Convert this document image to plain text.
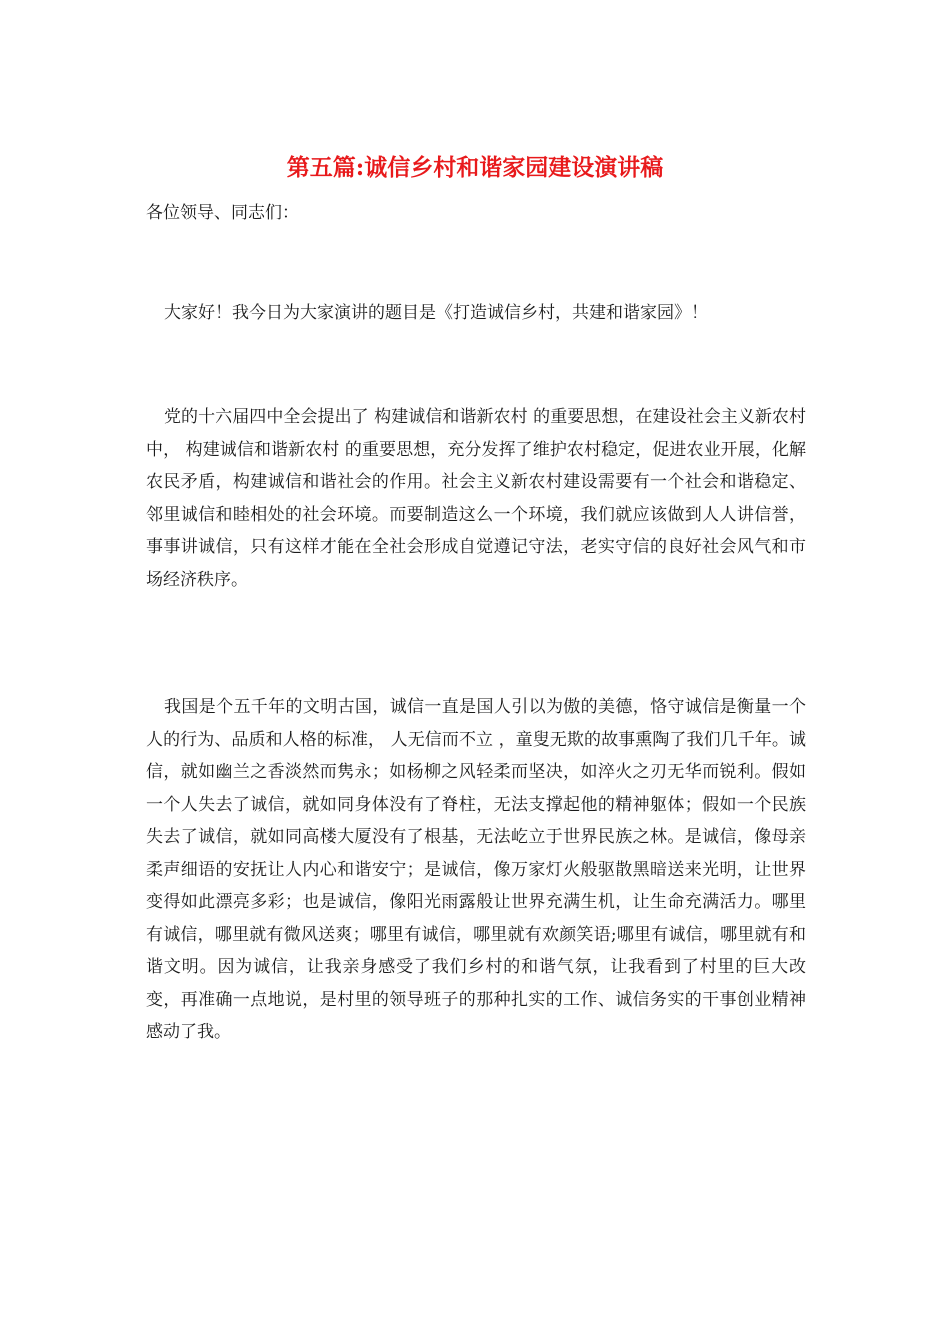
第五篇:诚信乡村和谐家园建设演讲稿

各位领导、同志们：

大家好！我今日为大家演讲的题目是《打造诚信乡村，共建和谐家园》！

党的十六届四中全会提出了 构建诚信和谐新农村 的重要思想，在建设社会主义新农村中， 构建诚信和谐新农村 的重要思想，充分发挥了维护农村稳定，促进农业开展，化解农民矛盾，构建诚信和谐社会的作用。社会主义新农村建设需要有一个社会和谐稳定、邻里诚信和睦相处的社会环境。而要制造这么一个环境，我们就应该做到人人讲信誉，事事讲诚信，只有这样才能在全社会形成自觉遵记守法，老实守信的良好社会风气和市场经济秩序。

我国是个五千年的文明古国，诚信一直是国人引以为傲的美德，恪守诚信是衡量一个人的行为、品质和人格的标准， 人无信而不立 ，童叟无欺的故事熏陶了我们几千年。诚信，就如幽兰之香淡然而隽永；如杨柳之风轻柔而坚决，如淬火之刃无华而锐利。假如一个人失去了诚信，就如同身体没有了脊柱，无法支撑起他的精神躯体；假如一个民族失去了诚信，就如同高楼大厦没有了根基，无法屹立于世界民族之林。是诚信，像母亲柔声细语的安抚让人内心和谐安宁；是诚信，像万家灯火般驱散黑暗送来光明，让世界变得如此漂亮多彩；也是诚信，像阳光雨露般让世界充满生机，让生命充满活力。哪里有诚信，哪里就有微风送爽；哪里有诚信，哪里就有欢颜笑语;哪里有诚信，哪里就有和谐文明。因为诚信，让我亲身感受了我们乡村的和谐气氛，让我看到了村里的巨大改变，再准确一点地说，是村里的领导班子的那种扎实的工作、诚信务实的干事创业精神感动了我。
